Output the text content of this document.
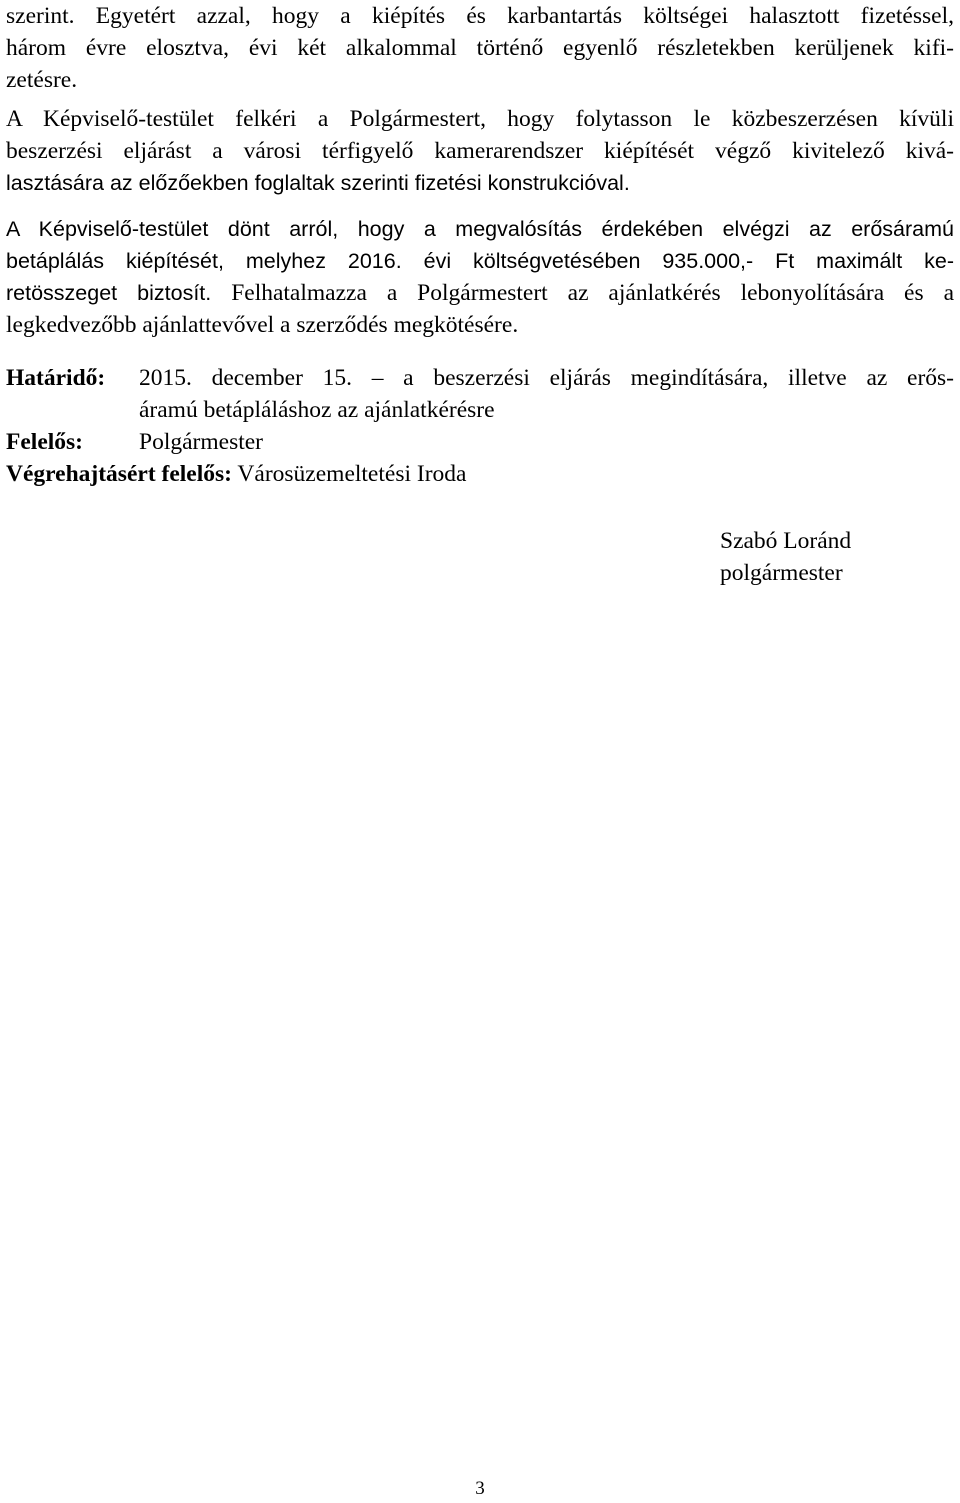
szerint. Egyetért azzal, hogy a kiépítés és karbantartás költségei halasztott fizetéssel,
három évre elosztva, évi két alkalommal történő egyenlő részletekben kerüljenek kifi-
zetésre.
A Képviselő-testület felkéri a Polgármestert, hogy folytasson le közbeszerzésen kívüli
beszerzési eljárást a városi térfigyelő kamerarendszer kiépítését végző kivitelező kivá-
lasztására az előzőekben foglaltak szerinti fizetési konstrukcióval.
A Képviselő-testület dönt arról, hogy a megvalósítás érdekében elvégzi az erősáramú
betáplálás kiépítését, melyhez 2016. évi költségvetésében 935.000,- Ft maximált ke-
retösszeget biztosít. Felhatalmazza a Polgármestert az ajánlatkérés lebonyolítására és a
legkedvezőbb ajánlattevővel a szerződés megkötésére.
Határidő: 2015. december 15. – a beszerzési eljárás megindítására, illetve az erős-
áramú betápláláshoz az ajánlatkérésre
Felelős: Polgármester
Végrehajtásért felelős: Városüzemeltetési Iroda
Szabó Loránd
polgármester
3
